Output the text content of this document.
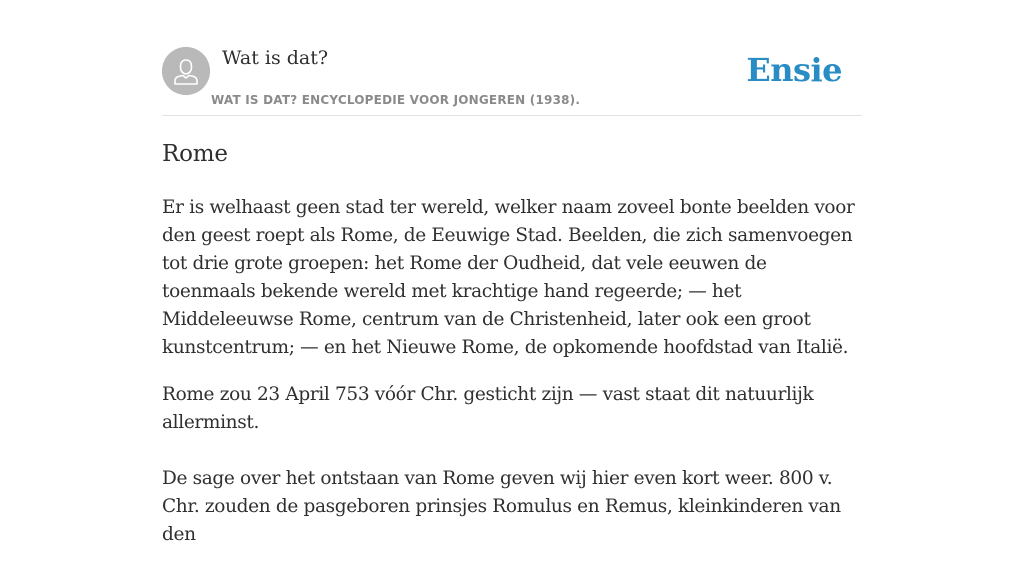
Wat is dat?
WAT IS DAT? ENCYCLOPEDIE VOOR JONGEREN (1938).
Ensie
Rome

Er is welhaast geen stad ter wereld, welker naam zoveel bonte beelden voor den geest roept als Rome, de Eeuwige Stad. Beelden, die zich samenvoegen tot drie grote groepen: het Rome der Oudheid, dat vele eeuwen de toenmaals bekende wereld met krachtige hand regeerde; — het Middeleeuwse Rome, centrum van de Christenheid, later ook een groot kunstcentrum; — en het Nieuwe Rome, de opkomende hoofdstad van Italië.

Rome zou 23 April 753 vóór Chr. gesticht zijn — vast staat dit natuurlijk allerminst.

De sage over het ontstaan van Rome geven wij hier even kort weer. 800 v. Chr. zouden de pasgeboren prinsjes Romulus en Remus, kleinkinderen van den
